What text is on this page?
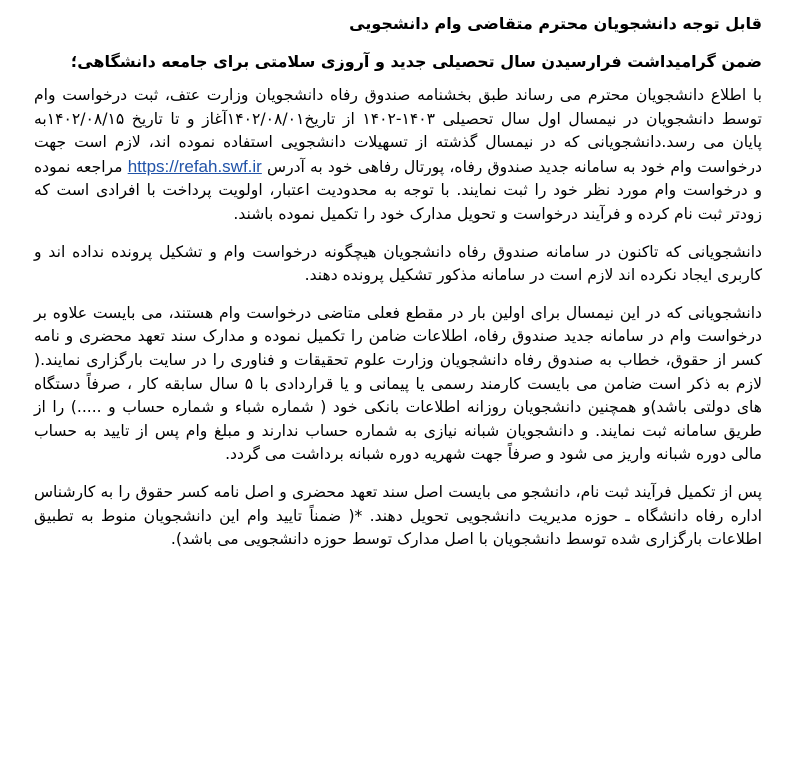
قابل توجه دانشجویان محترم متقاضی وام دانشجویی

ضمن گرامیداشت فرارسیدن سال تحصیلی جدید و آروزی سلامتی برای جامعه دانشگاهی؛

با اطلاع دانشجویان محترم می رساند طبق بخشنامه صندوق رفاه دانشجویان وزارت عتف، ثبت درخواست وام توسط دانشجویان در نیمسال اول سال تحصیلی ۱۴۰۳-۱۴۰۲ از تاریخ۱۴۰۲/۰۸/۰۱آغاز و تا تاریخ ۱۴۰۲/۰۸/۱۵به پایان می رسد.دانشجویانی که در نیمسال گذشته از تسهیلات دانشجویی استفاده نموده اند، لازم است جهت درخواست وام خود به سامانه جدید صندوق رفاه، پورتال رفاهی خود به آدرس https://refah.swf.ir مراجعه نموده و درخواست وام مورد نظر خود را ثبت نمایند. با توجه به محدودیت اعتبار، اولویت پرداخت با افرادی است که زودتر ثبت نام کرده و فرآیند درخواست و تحویل مدارک خود را تکمیل نموده باشند.

دانشجویانی که تاکنون در سامانه صندوق رفاه دانشجویان هیچگونه درخواست وام و تشکیل پرونده نداده اند و کاربری ایجاد نکرده اند لازم است در سامانه مذکور تشکیل پرونده دهند.

دانشجویانی که در این نیمسال برای اولین بار در مقطع فعلی متاضی درخواست وام هستند، می بایست علاوه بر درخواست وام در سامانه جدید صندوق رفاه، اطلاعات ضامن را تکمیل نموده و مدارک سند تعهد محضری و نامه کسر از حقوق، خطاب به صندوق رفاه دانشجویان وزارت علوم تحقیقات و فناوری را در سایت بارگزاری نمایند.( لازم به ذکر است ضامن می بایست کارمند رسمی یا پیمانی و یا قراردادی با ۵ سال سابقه کار ، صرفاً دستگاه های دولتی باشد)و همچنین دانشجویان روزانه اطلاعات بانکی خود ( شماره شباء و شماره حساب و .....) را از طریق سامانه ثبت نمایند. و دانشجویان شبانه نیازی به شماره حساب ندارند و مبلغ وام پس از تایید به حساب مالی دوره شبانه واریز می شود و صرفاً جهت شهریه دوره شبانه برداشت می گردد.

پس از تکمیل فرآیند ثبت نام، دانشجو می بایست اصل سند تعهد محضری و اصل نامه کسر حقوق را به کارشناس اداره رفاه دانشگاه ـ حوزه مدیریت دانشجویی تحویل دهند. *( ضمناً تایید وام این دانشجویان منوط به تطبیق اطلاعات بارگزاری شده توسط دانشجویان با اصل مدارک توسط حوزه دانشجویی می باشد).
